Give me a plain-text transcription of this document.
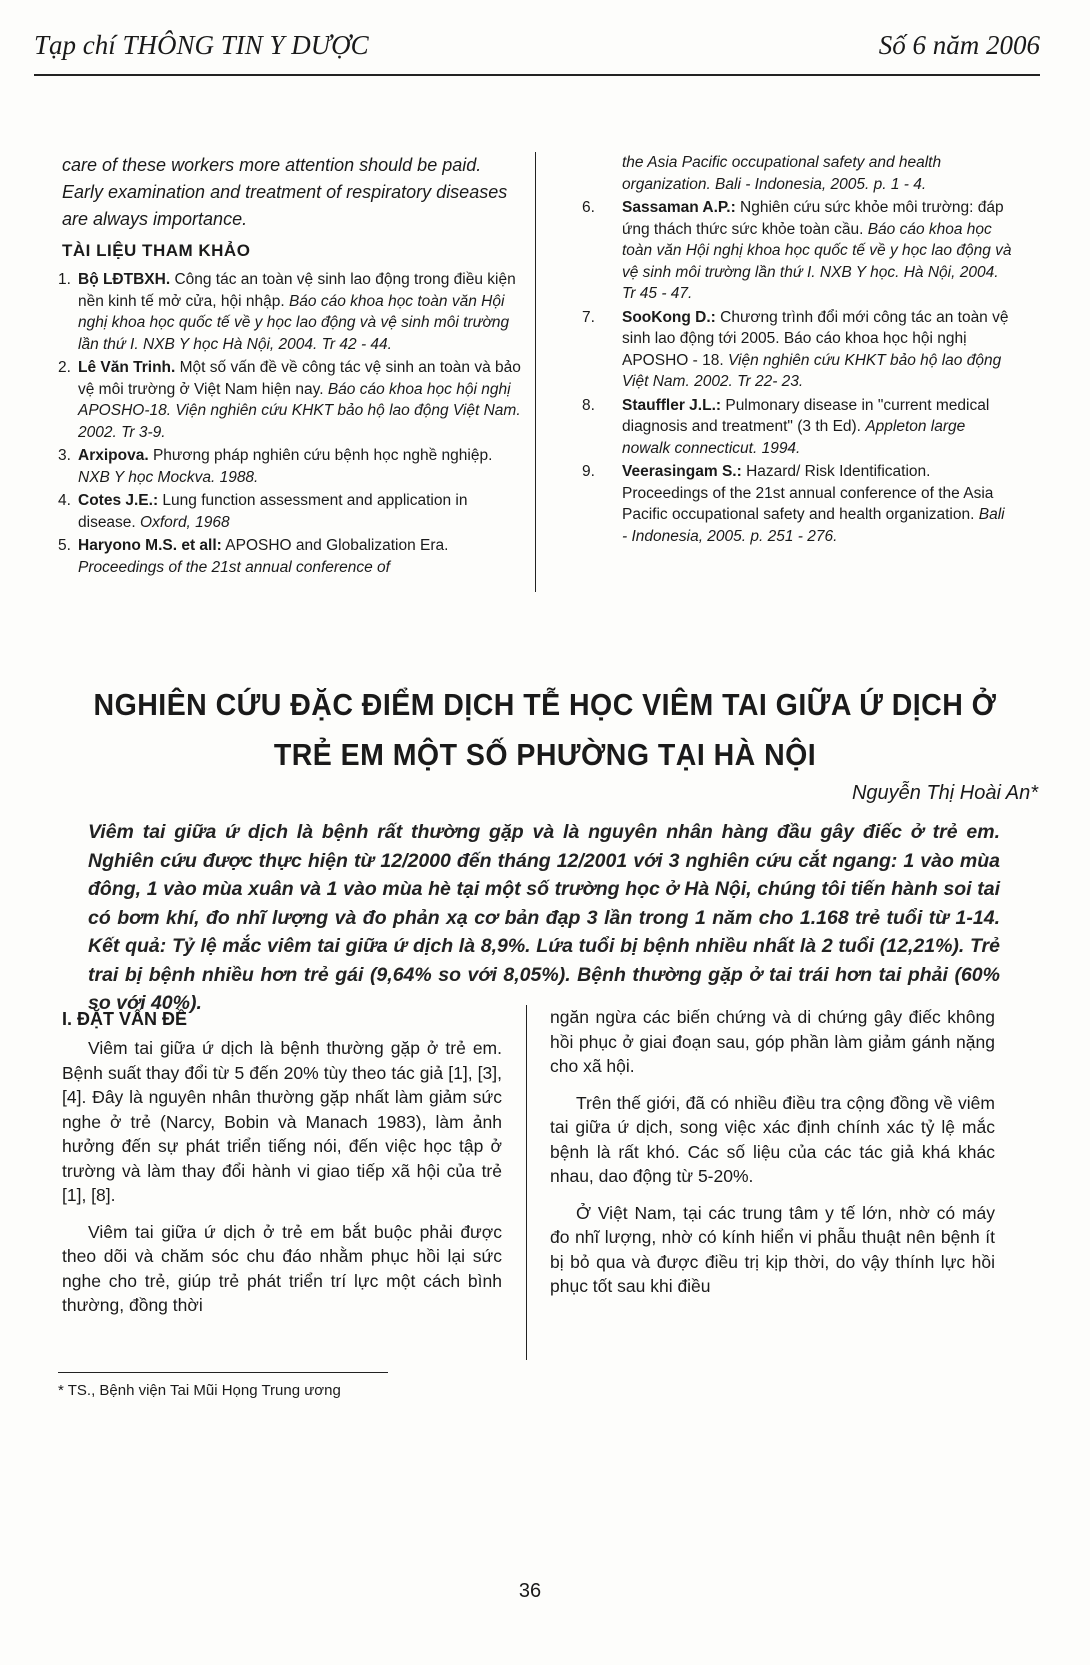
Tạp chí THÔNG TIN Y DƯỢC	Số 6 năm 2006

care of these workers more attention should be paid. Early examination and treatment of respiratory diseases are always importance.

TÀI LIỆU THAM KHẢO
1. Bộ LĐTBXH. Công tác an toàn vệ sinh lao động trong điều kiện nền kinh tế mở cửa, hội nhập. Báo cáo khoa học toàn văn Hội nghị khoa học quốc tế về y học lao động và vệ sinh môi trường lần thứ I. NXB Y học Hà Nội, 2004. Tr 42 - 44.
2. Lê Văn Trinh. Một số vấn đề về công tác vệ sinh an toàn và bảo vệ môi trường ở Việt Nam hiện nay. Báo cáo khoa học hội nghị APOSHO-18. Viện nghiên cứu KHKT bảo hộ lao động Việt Nam. 2002. Tr 3-9.
3. Arxipova. Phương pháp nghiên cứu bệnh học nghề nghiệp. NXB Y học Mockva. 1988.
4. Cotes J.E.: Lung function assessment and application in disease. Oxford, 1968
5. Haryono M.S. et all: APOSHO and Globalization Era. Proceedings of the 21st annual conference of
the Asia Pacific occupational safety and health organization. Bali - Indonesia, 2005. p. 1 - 4.
6. Sassaman A.P.: Nghiên cứu sức khỏe môi trường: đáp ứng thách thức sức khỏe toàn cầu. Báo cáo khoa học toàn văn Hội nghị khoa học quốc tế về y học lao động và vệ sinh môi trường lần thứ I. NXB Y học. Hà Nội, 2004. Tr 45 - 47.
7. SooKong D.: Chương trình đổi mới công tác an toàn vệ sinh lao động tới 2005. Báo cáo khoa học hội nghị APOSHO - 18. Viện nghiên cứu KHKT bảo hộ lao động Việt Nam. 2002. Tr 22- 23.
8. Stauffler J.L.: Pulmonary disease in "current medical diagnosis and treatment" (3 th Ed). Appleton large nowalk connecticut. 1994.
9. Veerasingam S.: Hazard/ Risk Identification. Proceedings of the 21st annual conference of the Asia Pacific occupational safety and health organization. Bali - Indonesia, 2005. p. 251 - 276.
NGHIÊN CỨU ĐẶC ĐIỂM DỊCH TỄ HỌC VIÊM TAI GIỮA Ứ DỊCH Ở TRẺ EM MỘT SỐ PHƯỜNG TẠI HÀ NỘI
Nguyễn Thị Hoài An*
Viêm tai giữa ứ dịch là bệnh rất thường gặp và là nguyên nhân hàng đầu gây điếc ở trẻ em. Nghiên cứu được thực hiện từ 12/2000 đến tháng 12/2001 với 3 nghiên cứu cắt ngang: 1 vào mùa đông, 1 vào mùa xuân và 1 vào mùa hè tại một số trường học ở Hà Nội, chúng tôi tiến hành soi tai có bơm khí, đo nhĩ lượng và đo phản xạ cơ bản đạp 3 lần trong 1 năm cho 1.168 trẻ tuổi từ 1-14. Kết quả: Tỷ lệ mắc viêm tai giữa ứ dịch là 8,9%. Lứa tuổi bị bệnh nhiều nhất là 2 tuổi (12,21%). Trẻ trai bị bệnh nhiều hơn trẻ gái (9,64% so với 8,05%). Bệnh thường gặp ở tai trái hơn tai phải (60% so với 40%).
I. ĐẶT VẤN ĐỀ

Viêm tai giữa ứ dịch là bệnh thường gặp ở trẻ em. Bệnh suất thay đổi từ 5 đến 20% tùy theo tác giả [1], [3], [4]. Đây là nguyên nhân thường gặp nhất làm giảm sức nghe ở trẻ (Narcy, Bobin và Manach 1983), làm ảnh hưởng đến sự phát triển tiếng nói, đến việc học tập ở trường và làm thay đổi hành vi giao tiếp xã hội của trẻ [1], [8].

Viêm tai giữa ứ dịch ở trẻ em bắt buộc phải được theo dõi và chăm sóc chu đáo nhằm phục hồi lại sức nghe cho trẻ, giúp trẻ phát triển trí lực một cách bình thường, đồng thời

ngăn ngừa các biến chứng và di chứng gây điếc không hồi phục ở giai đoạn sau, góp phần làm giảm gánh nặng cho xã hội.

Trên thế giới, đã có nhiều điều tra cộng đồng về viêm tai giữa ứ dịch, song việc xác định chính xác tỷ lệ mắc bệnh là rất khó. Các số liệu của các tác giả khá khác nhau, dao động từ 5-20%.

Ở Việt Nam, tại các trung tâm y tế lớn, nhờ có máy đo nhĩ lượng, nhờ có kính hiển vi phẫu thuật nên bệnh ít bị bỏ qua và được điều trị kịp thời, do vậy thính lực hồi phục tốt sau khi điều

* TS., Bệnh viện Tai Mũi Họng Trung ương
36
